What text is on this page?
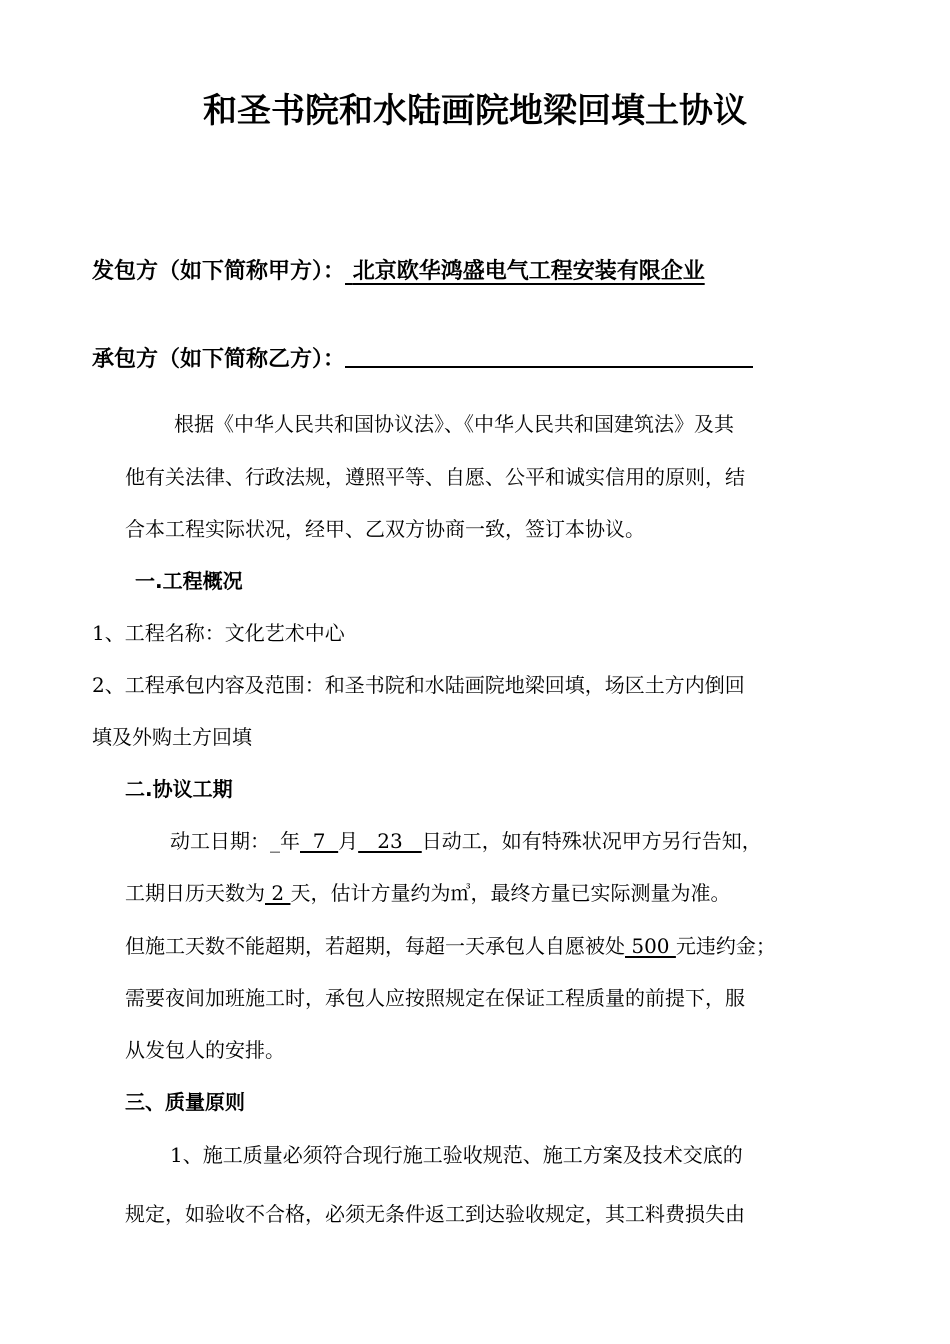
和圣书院和水陆画院地梁回填土协议
发包方（如下简称甲方）： 北京欧华鸿盛电气工程安装有限企业
承包方（如下简称乙方）：
根据《中华人民共和国协议法》、《中华人民共和国建筑法》及其
他有关法律、行政法规，遵照平等、自愿、公平和诚实信用的原则，结
合本工程实际状况，经甲、乙双方协商一致，签订本协议。
一.工程概况
1、工程名称：文化艺术中心
2、工程承包内容及范围：和圣书院和水陆画院地梁回填，场区土方内倒回
填及外购土方回填
二.协议工期
动工日期：_年  7  月   23   日动工，如有特殊状况甲方另行告知，
工期日历天数为 2 天，估计方量约为㎥，最终方量已实际测量为准。
但施工天数不能超期，若超期，每超一天承包人自愿被处 500 元违约金；
需要夜间加班施工时，承包人应按照规定在保证工程质量的前提下，服
从发包人的安排。
三、质量原则
1、施工质量必须符合现行施工验收规范、施工方案及技术交底的
规定，如验收不合格，必须无条件返工到达验收规定，其工料费损失由
